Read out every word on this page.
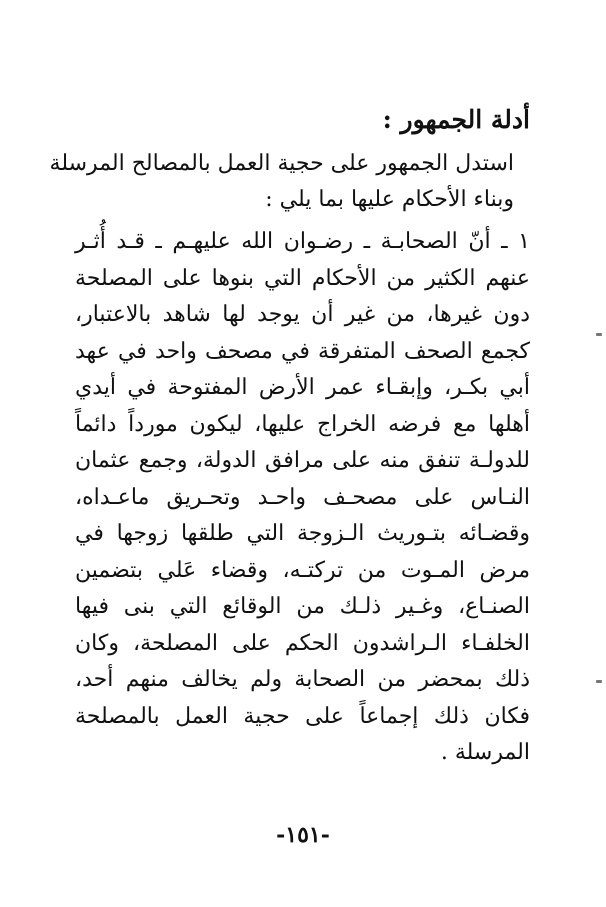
أدلة الجمهور :
استدل الجمهور على حجية العمل بالمصالح المرسلة
وبناء الأحكام عليها بما يلي :
١ ـ أنّ الصحابـة ـ رضـوان الله عليهـم ـ قـد أُثـر
عنهم الكثير من الأحكام التي بنوها على المصلحة
دون غيرها، من غير أن يوجد لها شاهد بالاعتبار،
كجمع الصحف المتفرقة في مصحف واحد في عهد
أبي بكـر، وإبقـاء عمر الأرض المفتوحة في أيدي
أهلها مع فرضه الخراج عليها، ليكون مورداً دائماً
للدولـة تنفق منه على مرافق الدولة، وجمع عثمان
النـاس على مصحـف واحـد وتحـريق ماعـداه،
وقضـائه بتـوريث الـزوجة التي طلقها زوجها في
مرض المـوت من تركتـه، وقضاء عَلي بتضمين
الصنـاع، وغـير ذلـك من الوقائع التي بنى فيها
الخلفـاء الـراشدون الحكم على المصلحة، وكان
ذلك بمحضر من الصحابة ولم يخالف منهم أحد،
فكان ذلك إجماعاً على حجية العمل بالمصلحة
المرسلة .
-١٥١-
